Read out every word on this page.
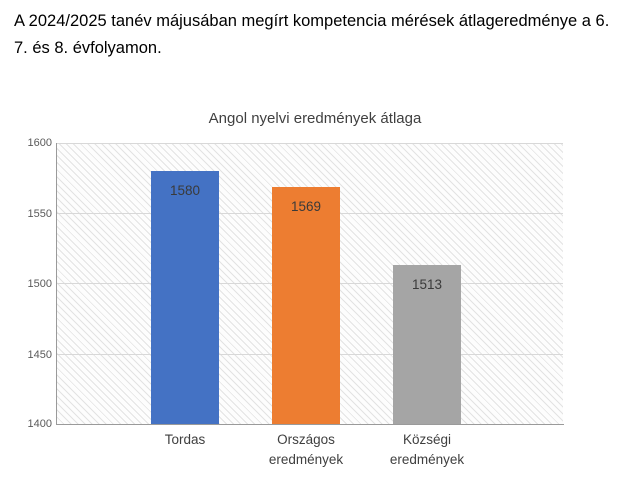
A 2024/2025 tanév májusában megírt kompetencia mérések átlageredménye a 6. 7. és 8. évfolyamon.
Angol nyelvi eredmények átlaga
1600
1550
1500
1450
1400
1580
1569
1513
Tordas	Országos
eredmények
Községi
eredmények
